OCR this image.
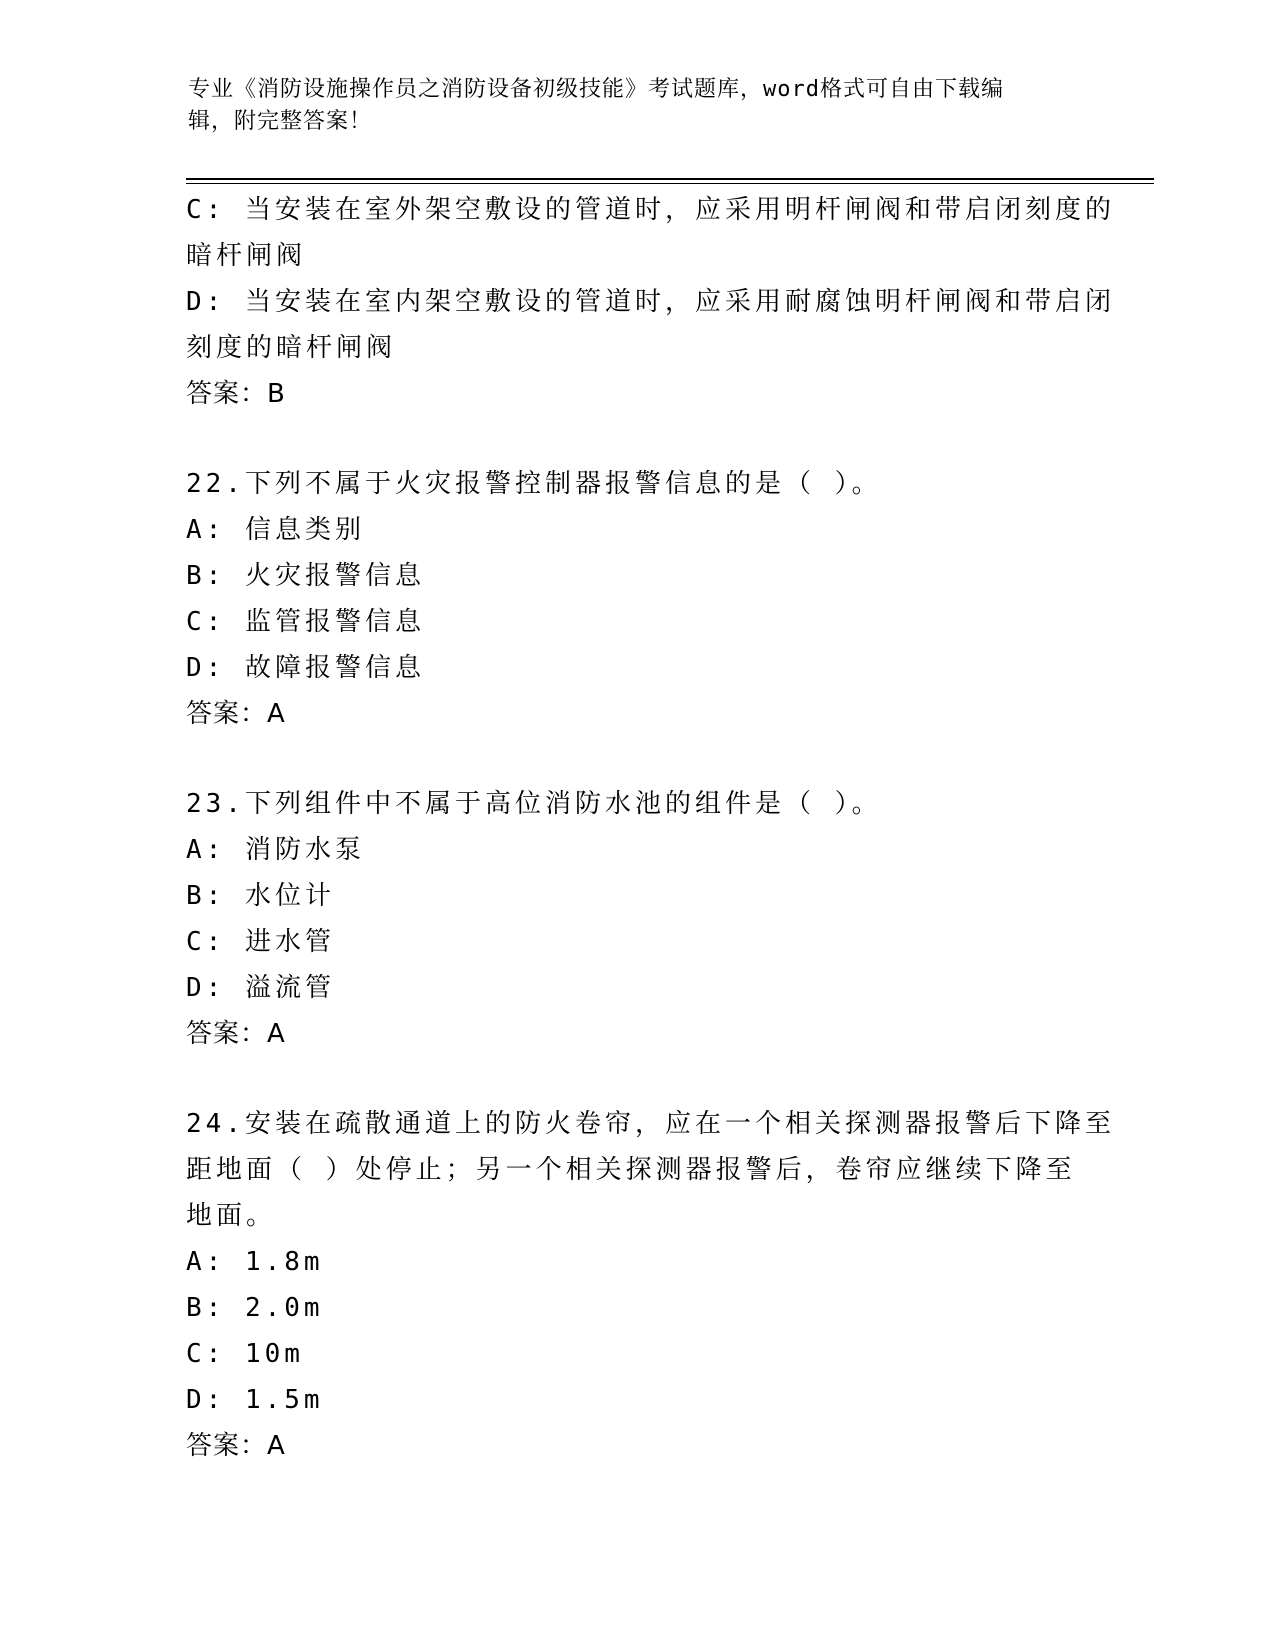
专业《消防设施操作员之消防设备初级技能》考试题库，word格式可自由下载编
辑，附完整答案！
C: 当安装在室外架空敷设的管道时，应采用明杆闸阀和带启闭刻度的
暗杆闸阀
D: 当安装在室内架空敷设的管道时，应采用耐腐蚀明杆闸阀和带启闭
刻度的暗杆闸阀
答案：B
22.下列不属于火灾报警控制器报警信息的是（ ）。
A: 信息类别
B: 火灾报警信息
C: 监管报警信息
D: 故障报警信息
答案：A
23.下列组件中不属于高位消防水池的组件是（ ）。
A: 消防水泵
B: 水位计
C: 进水管
D: 溢流管
答案：A
24.安装在疏散通道上的防火卷帘，应在一个相关探测器报警后下降至
距地面（ ）处停止；另一个相关探测器报警后，卷帘应继续下降至
地面。
A: 1.8m
B: 2.0m
C: 10m
D: 1.5m
答案：A
